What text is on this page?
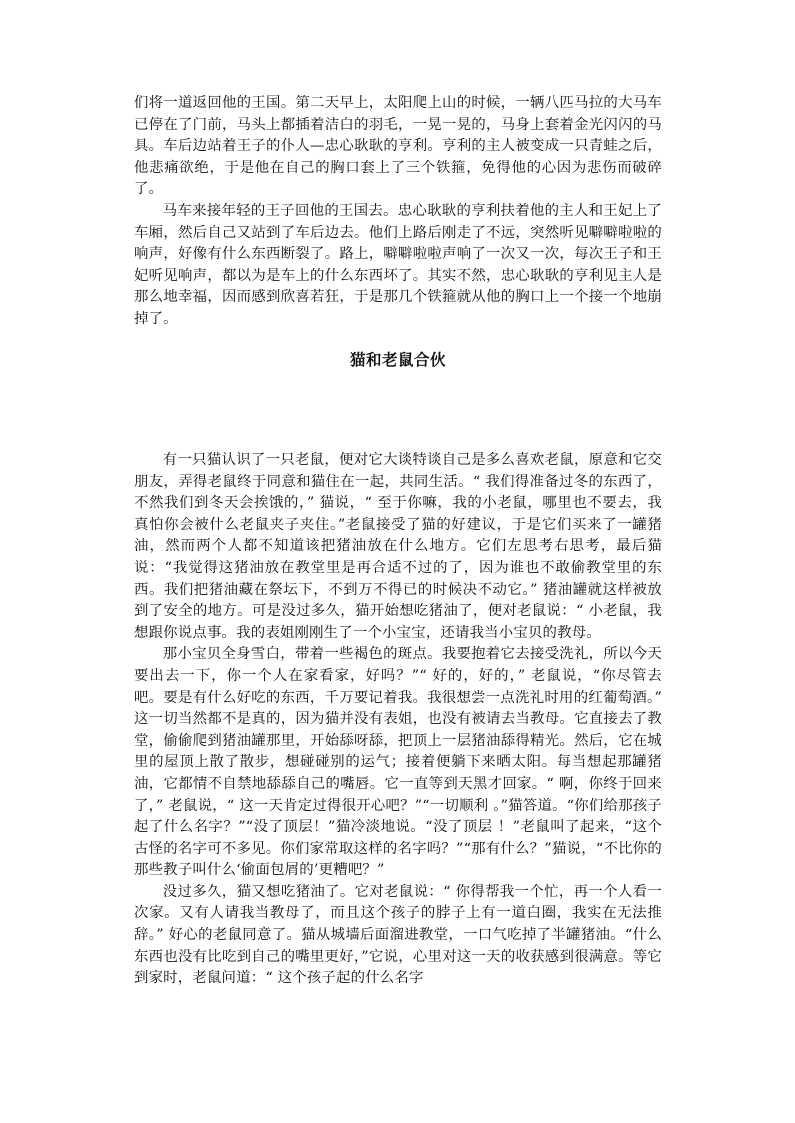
们将一道返回他的王国。第二天早上，太阳爬上山的时候，一辆八匹马拉的大马车已停在了门前，马头上都插着洁白的羽毛，一晃一晃的，马身上套着金光闪闪的马具。车后边站着王子的仆人—忠心耿耿的亨利。亨利的主人被变成一只青蛙之后，他悲痛欲绝，于是他在自己的胸口套上了三个铁箍，免得他的心因为悲伤而破碎了。

马车来接年轻的王子回他的王国去。忠心耿耿的亨利扶着他的主人和王妃上了车厢，然后自己又站到了车后边去。他们上路后刚走了不远，突然听见噼噼啦啦的响声，好像有什么东西断裂了。路上，噼噼啦啦声响了一次又一次，每次王子和王妃听见响声，都以为是车上的什么东西坏了。其实不然，忠心耿耿的亨利见主人是那么地幸福，因而感到欣喜若狂，于是那几个铁箍就从他的胸口上一个接一个地崩掉了。

猫和老鼠合伙

有一只猫认识了一只老鼠，便对它大谈特谈自己是多么喜欢老鼠，原意和它交朋友，弄得老鼠终于同意和猫住在一起，共同生活。“ 我们得准备过冬的东西了，不然我们到冬天会挨饿的，” 猫说，“ 至于你嘛，我的小老鼠，哪里也不要去，我真怕你会被什么老鼠夹子夹住。”老鼠接受了猫的好建议，于是它们买来了一罐猪油，然而两个人都不知道该把猪油放在什么地方。它们左思考右思考，最后猫说：“我觉得这猪油放在教堂里是再合适不过的了，因为谁也不敢偷教堂里的东西。我们把猪油藏在祭坛下，不到万不得已的时候决不动它。” 猪油罐就这样被放到了安全的地方。可是没过多久，猫开始想吃猪油了，便对老鼠说：“ 小老鼠，我想跟你说点事。我的表姐刚刚生了一个小宝宝，还请我当小宝贝的教母。

那小宝贝全身雪白，带着一些褐色的斑点。我要抱着它去接受洗礼，所以今天要出去一下，你一个人在家看家，好吗？”“ 好的，好的，” 老鼠说，“你尽管去吧。要是有什么好吃的东西，千万要记着我。我很想尝一点洗礼时用的红葡萄酒。” 这一切当然都不是真的，因为猫并没有表姐，也没有被请去当教母。它直接去了教堂，偷偷爬到猪油罐那里，开始舔呀舔，把顶上一层猪油舔得精光。然后，它在城里的屋顶上散了散步，想碰碰别的运气；接着便躺下来晒太阳。每当想起那罐猪油，它都情不自禁地舔舔自己的嘴唇。它一直等到天黑才回家。“ 啊，你终于回来了，” 老鼠说，“ 这一天肯定过得很开心吧？”“一切顺利 。”猫答道。“你们给那孩子起了什么名字？”“没了顶层！”猫冷淡地说。“没了顶层 ！”老鼠叫了起来，“这个古怪的名字可不多见。你们家常取这样的名字吗？”“那有什么？”猫说，“不比你的那些教子叫什么‘偷面包屑的’更糟吧？”

没过多久，猫又想吃猪油了。它对老鼠说：“ 你得帮我一个忙，再一个人看一次家。又有人请我当教母了，而且这个孩子的脖子上有一道白圈，我实在无法推辞。” 好心的老鼠同意了。猫从城墙后面溜进教堂，一口气吃掉了半罐猪油。“什么东西也没有比吃到自己的嘴里更好，”它说，心里对这一天的收获感到很满意。等它到家时，老鼠问道：“ 这个孩子起的什么名字
